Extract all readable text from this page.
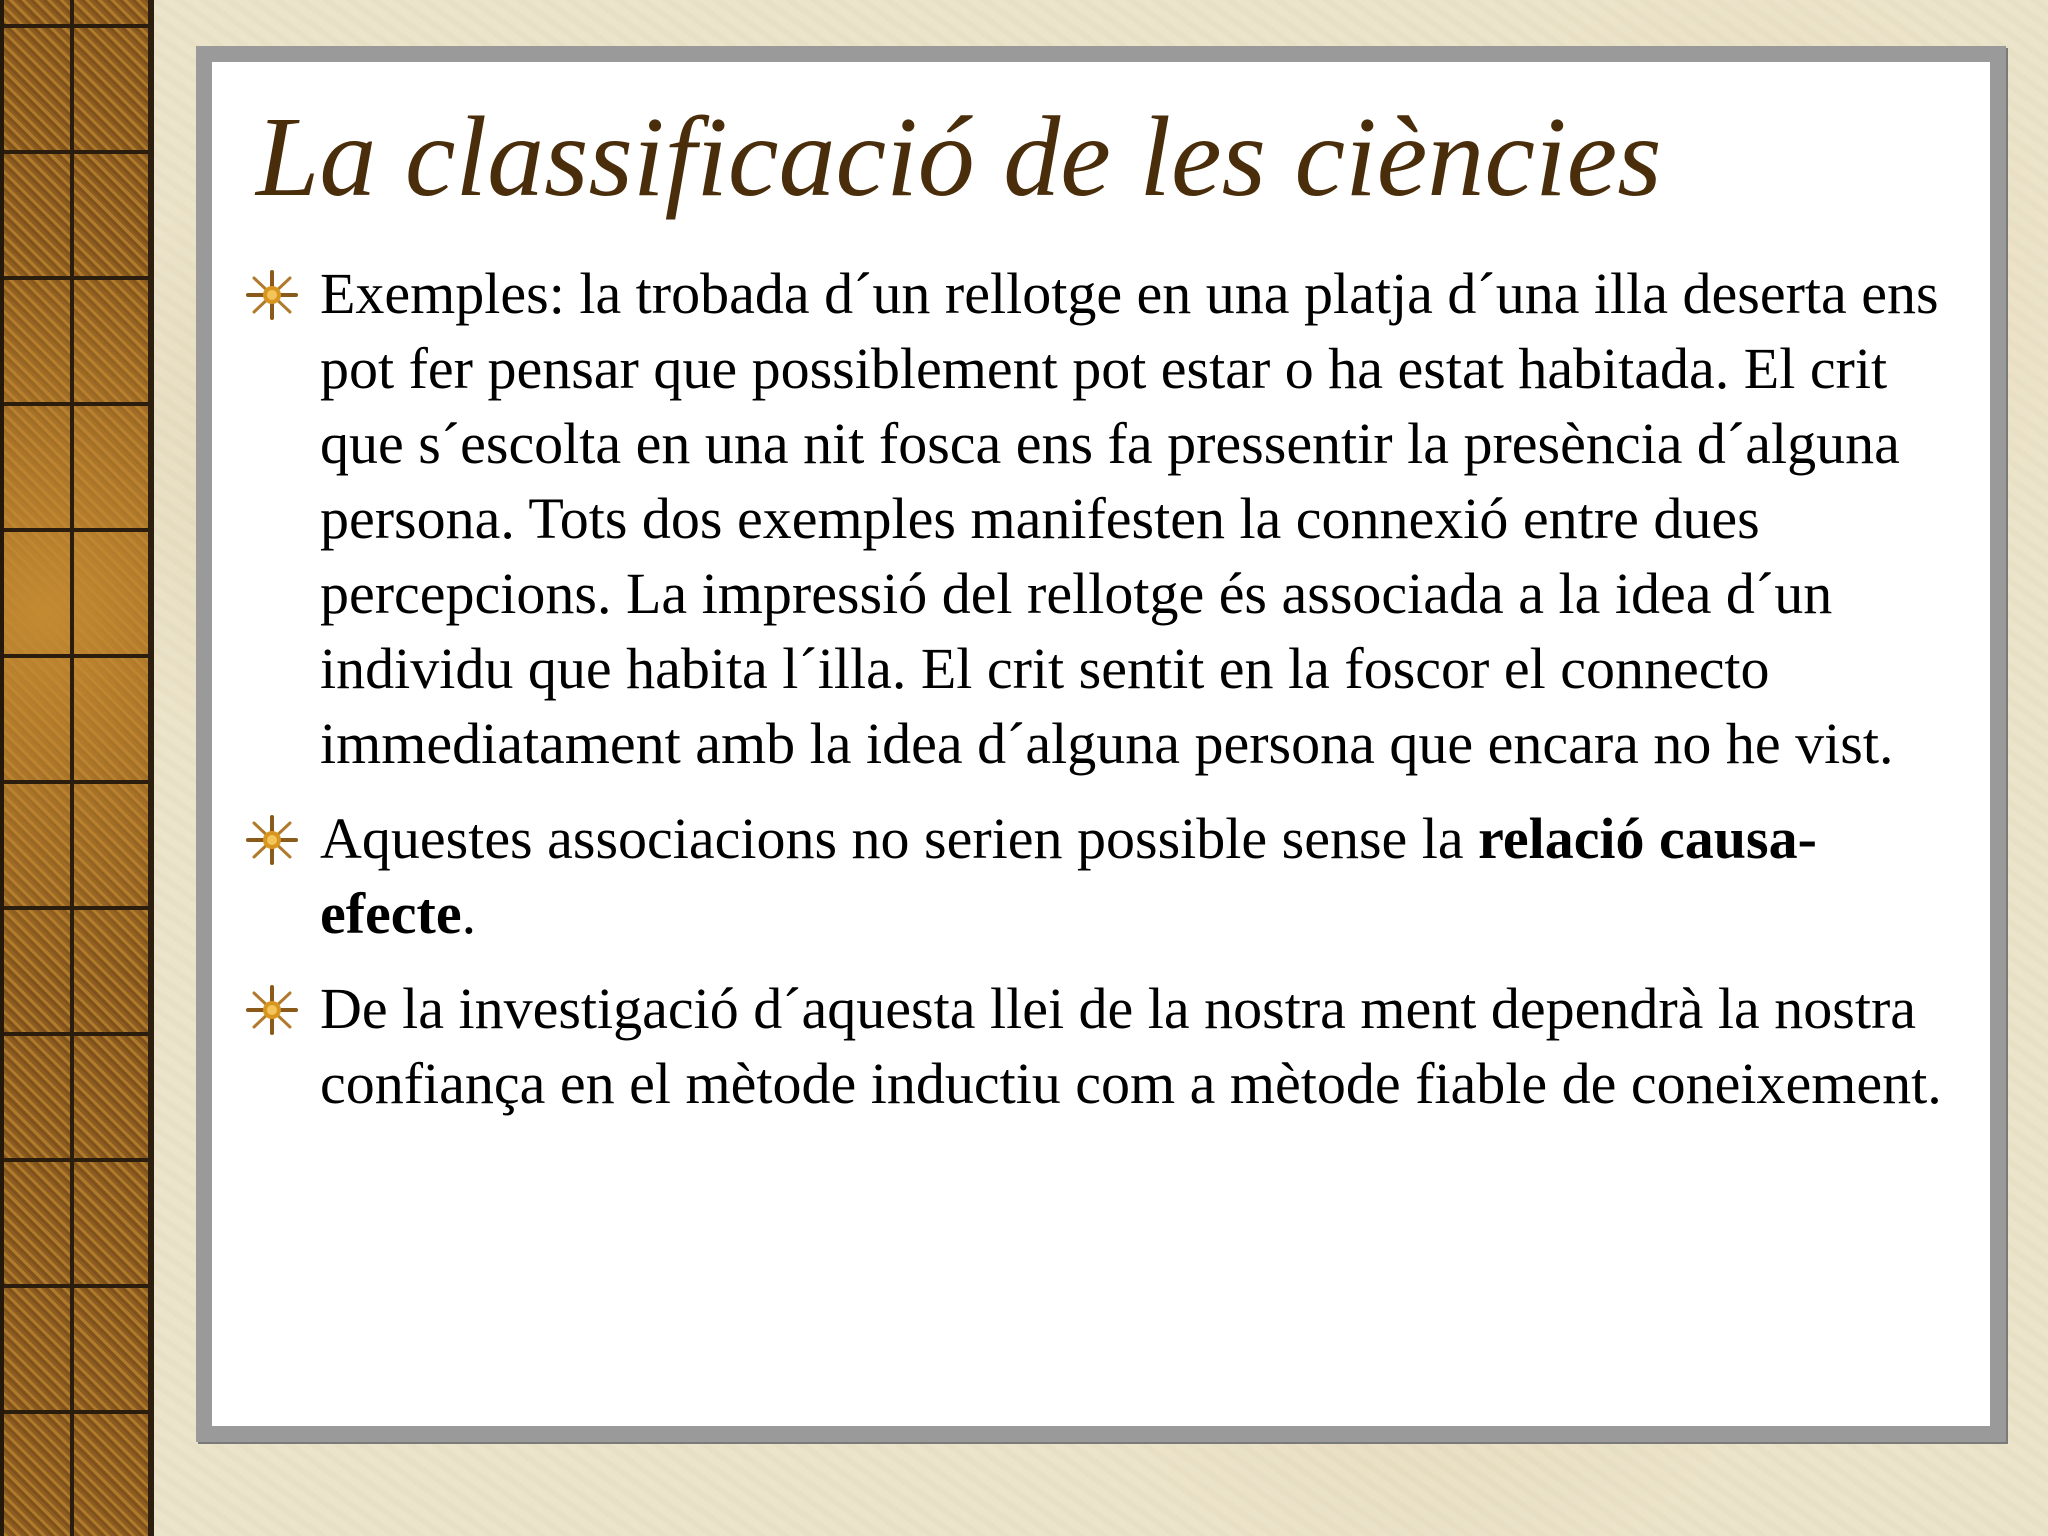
La classificació de les ciències
Exemples: la trobada d´un rellotge en una platja d´una illa deserta ens pot fer pensar que possiblement pot estar o ha estat habitada. El crit que s´escolta en una nit fosca ens fa pressentir la presència d´alguna persona. Tots dos exemples manifesten la connexió entre dues percepcions. La impressió del rellotge és associada a la idea d´un individu que habita l´illa. El crit sentit en la foscor el connecto immediatament amb la idea d´alguna persona que encara no he vist.
Aquestes associacions no serien possible sense la relació causa-efecte.
De la investigació d´aquesta llei de la nostra ment dependrà la nostra confiança en el mètode inductiu com a mètode fiable de coneixement.
